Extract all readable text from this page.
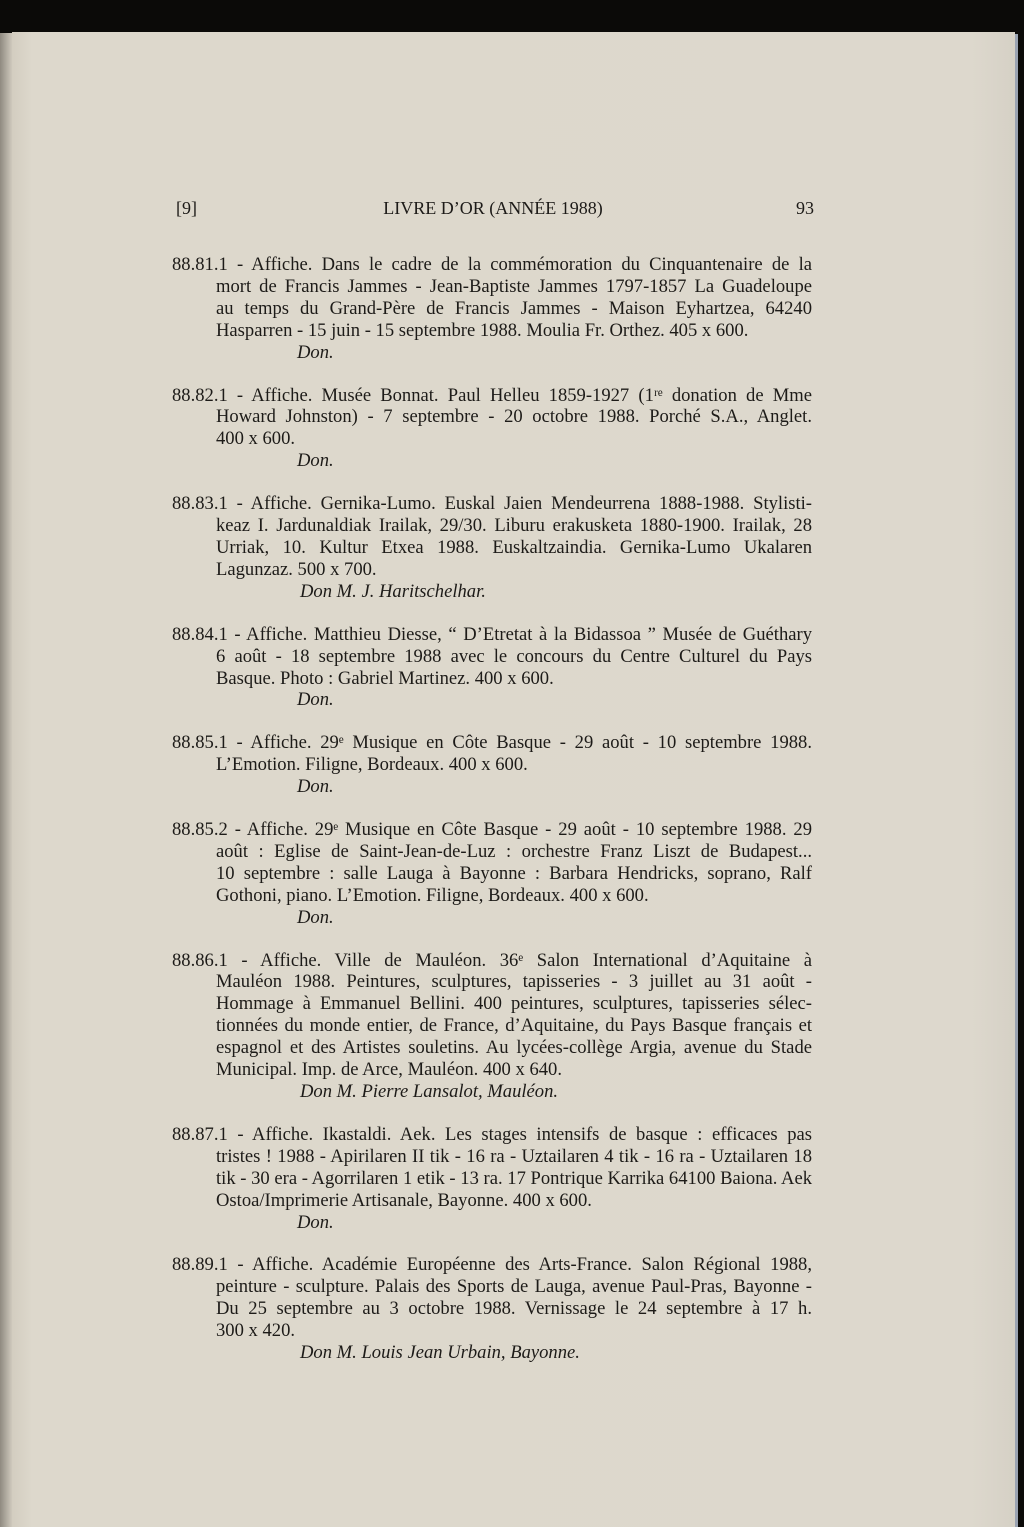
[9]	LIVRE D’OR (ANNÉE 1988)	93
88.81.1 - Affiche. Dans le cadre de la commémoration du Cinquantenaire de la
mort de Francis Jammes - Jean-Baptiste Jammes 1797-1857 La Guadeloupe
au temps du Grand-Père de Francis Jammes - Maison Eyhartzea, 64240
Hasparren - 15 juin - 15 septembre 1988. Moulia Fr. Orthez. 405 x 600.
Don.
88.82.1 - Affiche. Musée Bonnat. Paul Helleu 1859-1927 (1ʳᵉ donation de Mme
Howard Johnston) - 7 septembre - 20 octobre 1988. Porché S.A., Anglet.
400 x 600.
Don.
88.83.1 - Affiche. Gernika-Lumo. Euskal Jaien Mendeurrena 1888-1988. Stylisti-
keaz I. Jardunaldiak Irailak, 29/30. Liburu erakusketa 1880-1900. Irailak, 28
Urriak, 10. Kultur Etxea 1988. Euskaltzaindia. Gernika-Lumo Ukalaren
Lagunzaz. 500 x 700.
Don M. J. Haritschelhar.
88.84.1 - Affiche. Matthieu Diesse, “ D’Etretat à la Bidassoa ” Musée de Guéthary
6 août - 18 septembre 1988 avec le concours du Centre Culturel du Pays
Basque. Photo : Gabriel Martinez. 400 x 600.
Don.
88.85.1 - Affiche. 29ᵉ Musique en Côte Basque - 29 août - 10 septembre 1988.
L’Emotion. Filigne, Bordeaux. 400 x 600.
Don.
88.85.2 - Affiche. 29ᵉ Musique en Côte Basque - 29 août - 10 septembre 1988. 29
août : Eglise de Saint-Jean-de-Luz : orchestre Franz Liszt de Budapest...
10 septembre : salle Lauga à Bayonne : Barbara Hendricks, soprano, Ralf
Gothoni, piano. L’Emotion. Filigne, Bordeaux. 400 x 600.
Don.
88.86.1 - Affiche. Ville de Mauléon. 36ᵉ Salon International d’Aquitaine à
Mauléon 1988. Peintures, sculptures, tapisseries - 3 juillet au 31 août -
Hommage à Emmanuel Bellini. 400 peintures, sculptures, tapisseries sélec-
tionnées du monde entier, de France, d’Aquitaine, du Pays Basque français et
espagnol et des Artistes souletins. Au lycées-collège Argia, avenue du Stade
Municipal. Imp. de Arce, Mauléon. 400 x 640.
Don M. Pierre Lansalot, Mauléon.
88.87.1 - Affiche. Ikastaldi. Aek. Les stages intensifs de basque : efficaces pas
tristes ! 1988 - Apirilaren II tik - 16 ra - Uztailaren 4 tik - 16 ra - Uztailaren 18
tik - 30 era - Agorrilaren 1 etik - 13 ra. 17 Pontrique Karrika 64100 Baiona. Aek
Ostoa/Imprimerie Artisanale, Bayonne. 400 x 600.
Don.
88.89.1 - Affiche. Académie Européenne des Arts-France. Salon Régional 1988,
peinture - sculpture. Palais des Sports de Lauga, avenue Paul-Pras, Bayonne -
Du 25 septembre au 3 octobre 1988. Vernissage le 24 septembre à 17 h.
300 x 420.
Don M. Louis Jean Urbain, Bayonne.
